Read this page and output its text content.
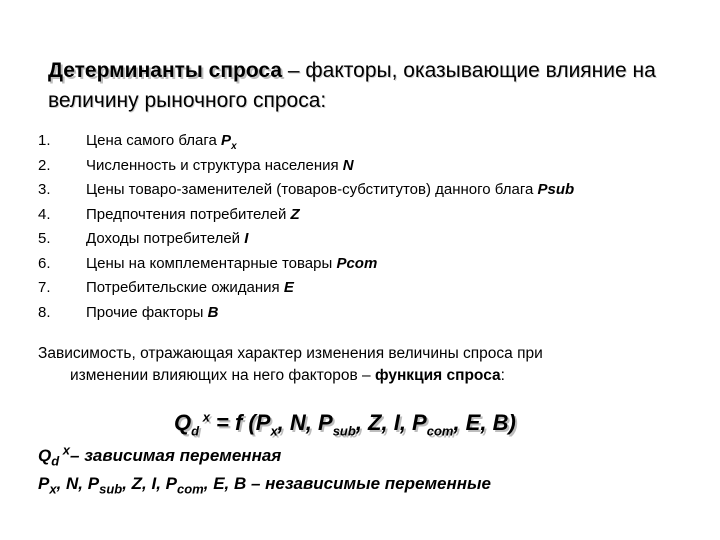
Детерминанты спроса – факторы, оказывающие влияние на величину рыночного спроса:
1.	Цена самого блага $P_x$
2.	Численность и структура населения N
3.	Цены товаро-заменителей (товаров-субститутов) данного блага Psub
4.	Предпочтения потребителей Z
5.	Доходы потребителей I
6.	Цены на комплементарные товары Pcom
7.	Потребительские ожидания E
8.	Прочие факторы B
Зависимость, отражающая характер изменения величины спроса при
изменении влияющих на него факторов – функция спроса:
$Q_d$ $^x$ = f ($P_x$, N, $P_{sub}$, Z, I, $P_{com}$, E, B)
$Q_d$ $^x$– зависимая переменная
$P_x$, N, $P_{sub}$, Z, I, $P_{com}$, E, B – независимые переменные
